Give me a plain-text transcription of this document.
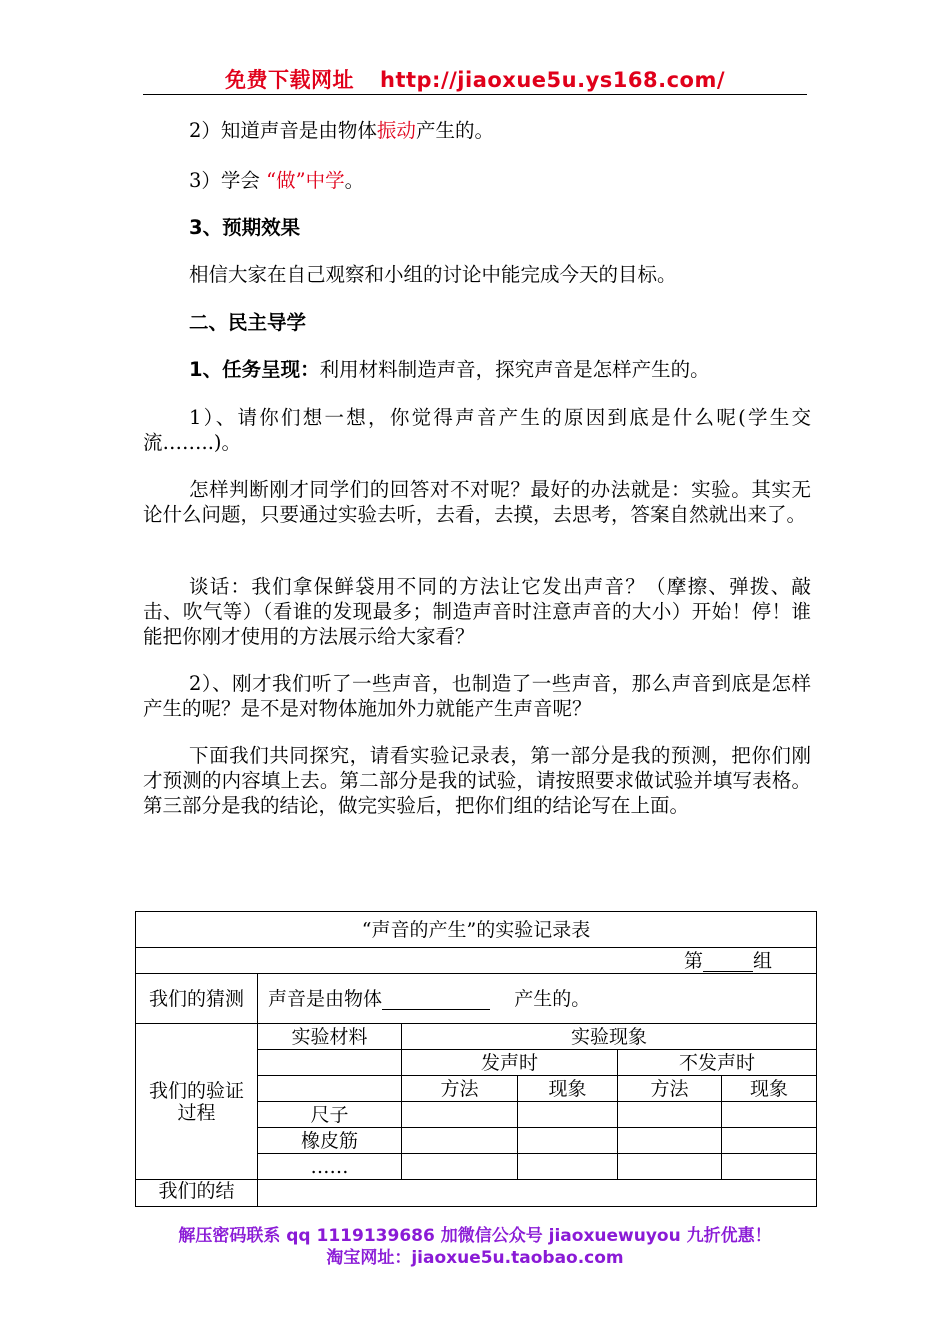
免费下载网址 http://jiaoxue5u.ys168.com/
2）知道声音是由物体振动产生的。
3）学会 “做”中学。
3、预期效果
相信大家在自己观察和小组的讨论中能完成今天的目标。
二、民主导学
1、任务呈现：利用材料制造声音，探究声音是怎样产生的。
1）、请你们想一想，你觉得声音产生的原因到底是什么呢(学生交流……..)。
怎样判断刚才同学们的回答对不对呢？最好的办法就是：实验。其实无论什么问题，只要通过实验去听，去看，去摸，去思考，答案自然就出来了。
谈话：我们拿保鲜袋用不同的方法让它发出声音？（摩擦、弹拨、敲击、吹气等）（看谁的发现最多；制造声音时注意声音的大小）开始！停！谁能把你刚才使用的方法展示给大家看？
2）、刚才我们听了一些声音，也制造了一些声音，那么声音到底是怎样产生的呢？是不是对物体施加外力就能产生声音呢？
下面我们共同探究，请看实验记录表，第一部分是我的预测，把你们刚才预测的内容填上去。第二部分是我的试验，请按照要求做试验并填写表格。第三部分是我的结论，做完实验后，把你们组的结论写在上面。
“声音的产生”的实验记录表					
第 组					
我们的猜测	声音是由物体 产生的。				
我们的验证过程	实验材料	实验现象			
		发声时		不发声时	
		方法	现象	方法	现象
	尺子				
	橡皮筋				
	……				
我们的结					
解压密码联系 qq 1119139686 加微信公众号 jiaoxuewuyou 九折优惠！
淘宝网址：jiaoxue5u.taobao.com
